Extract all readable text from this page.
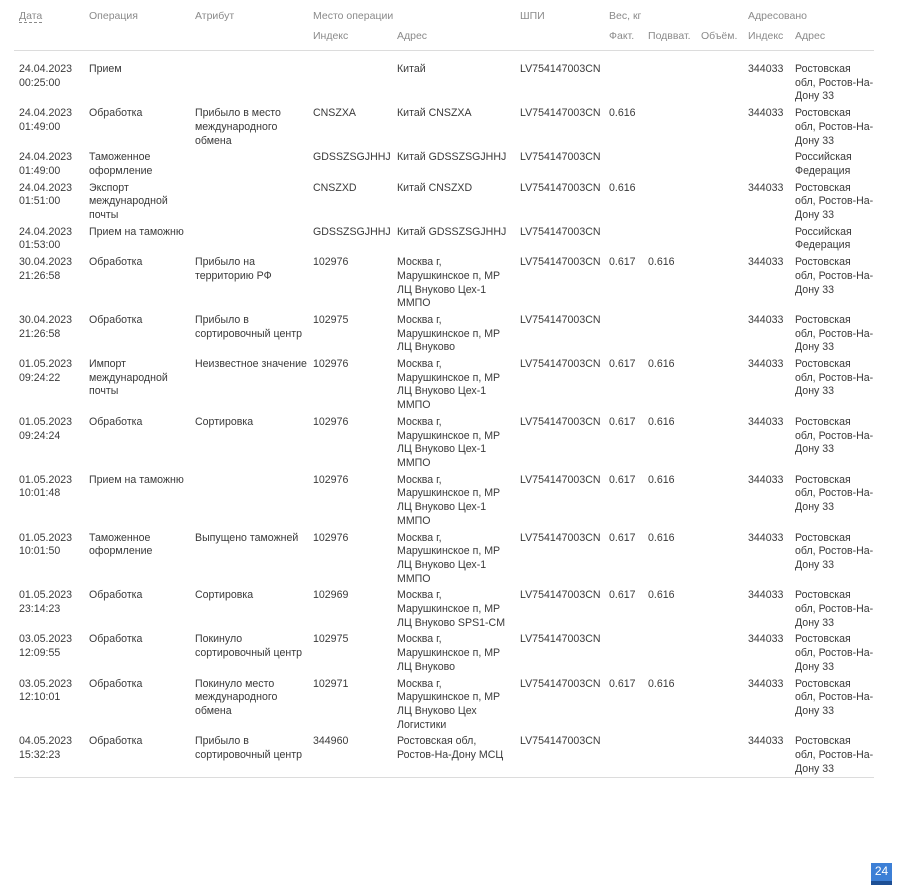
Дата	Операция	Атрибут	Место операции		ШПИ	Вес, кг			Адресовано	
			Индекс	Адрес		Факт.	Подвват.	Объём.	Индекс	Адрес
24.04.2023 00:25:00	Прием			Китай	LV754147003CN				344033	Ростовская обл, Ростов-На-Дону 33
24.04.2023 01:49:00	Обработка	Прибыло в место международного обмена	CNSZXA	Китай CNSZXA	LV754147003CN	0.616			344033	Ростовская обл, Ростов-На-Дону 33
24.04.2023 01:49:00	Таможенное оформление		GDSSZSGJHHJ	Китай GDSSZSGJHHJ	LV754147003CN					Российская Федерация
24.04.2023 01:51:00	Экспорт международной почты		CNSZXD	Китай CNSZXD	LV754147003CN	0.616			344033	Ростовская обл, Ростов-На-Дону 33
24.04.2023 01:53:00	Прием на таможню		GDSSZSGJHHJ	Китай GDSSZSGJHHJ	LV754147003CN					Российская Федерация
30.04.2023 21:26:58	Обработка	Прибыло на территорию РФ	102976	Москва г, Марушкинское п, МР ЛЦ Внуково Цех-1 ММПО	LV754147003CN	0.617	0.616		344033	Ростовская обл, Ростов-На-Дону 33
30.04.2023 21:26:58	Обработка	Прибыло в сортировочный центр	102975	Москва г, Марушкинское п, МР ЛЦ Внуково	LV754147003CN				344033	Ростовская обл, Ростов-На-Дону 33
01.05.2023 09:24:22	Импорт международной почты	Неизвестное значение	102976	Москва г, Марушкинское п, МР ЛЦ Внуково Цех-1 ММПО	LV754147003CN	0.617	0.616		344033	Ростовская обл, Ростов-На-Дону 33
01.05.2023 09:24:24	Обработка	Сортировка	102976	Москва г, Марушкинское п, МР ЛЦ Внуково Цех-1 ММПО	LV754147003CN	0.617	0.616		344033	Ростовская обл, Ростов-На-Дону 33
01.05.2023 10:01:48	Прием на таможню		102976	Москва г, Марушкинское п, МР ЛЦ Внуково Цех-1 ММПО	LV754147003CN	0.617	0.616		344033	Ростовская обл, Ростов-На-Дону 33
01.05.2023 10:01:50	Таможенное оформление	Выпущено таможней	102976	Москва г, Марушкинское п, МР ЛЦ Внуково Цех-1 ММПО	LV754147003CN	0.617	0.616		344033	Ростовская обл, Ростов-На-Дону 33
01.05.2023 23:14:23	Обработка	Сортировка	102969	Москва г, Марушкинское п, МР ЛЦ Внуково SPS1-CM	LV754147003CN	0.617	0.616		344033	Ростовская обл, Ростов-На-Дону 33
03.05.2023 12:09:55	Обработка	Покинуло сортировочный центр	102975	Москва г, Марушкинское п, МР ЛЦ Внуково	LV754147003CN				344033	Ростовская обл, Ростов-На-Дону 33
03.05.2023 12:10:01	Обработка	Покинуло место международного обмена	102971	Москва г, Марушкинское п, МР ЛЦ Внуково Цех Логистики	LV754147003CN	0.617	0.616		344033	Ростовская обл, Ростов-На-Дону 33
04.05.2023 15:32:23	Обработка	Прибыло в сортировочный центр	344960	Ростовская обл, Ростов-На-Дону МСЦ	LV754147003CN				344033	Ростовская обл, Ростов-На-Дону 33

24
